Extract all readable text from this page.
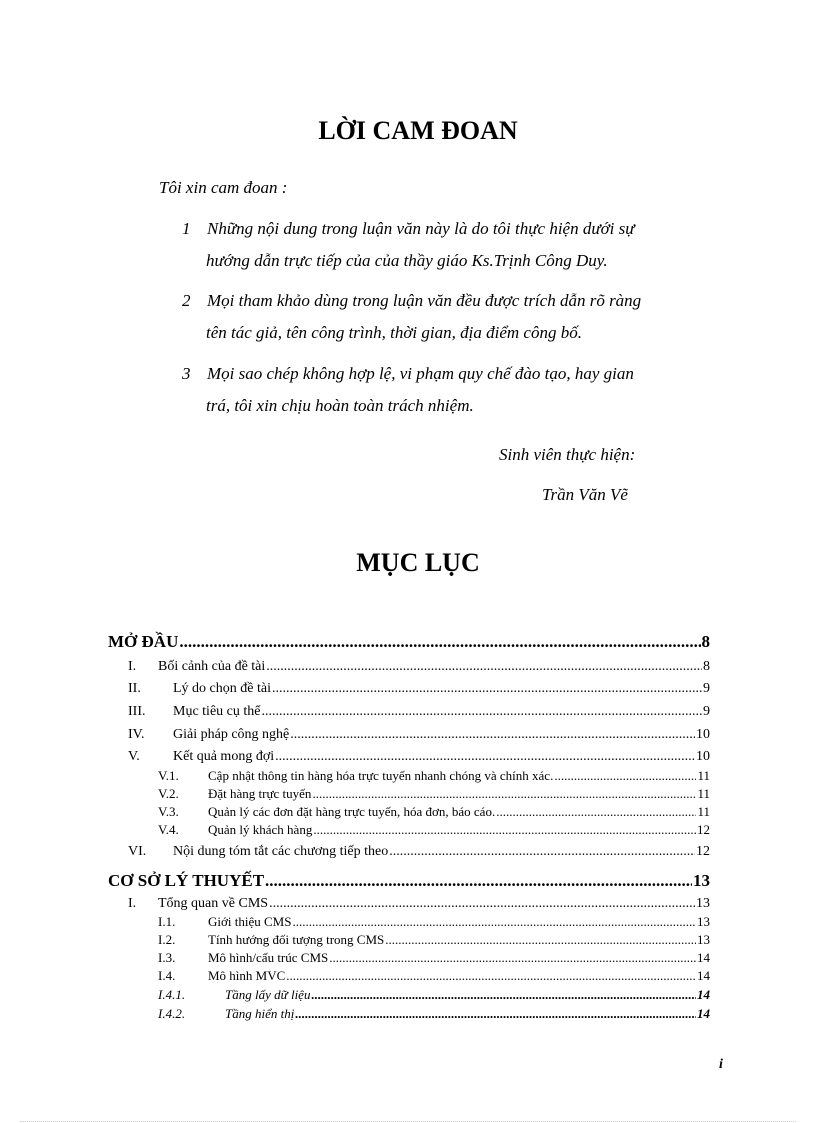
LỜI CAM ĐOAN
Tôi xin cam đoan :
1 Những nội dung trong luận văn này là do tôi thực hiện dưới sự
hướng dẫn trực tiếp của của thầy giáo Ks.Trịnh Công Duy.
2 Mọi tham khảo dùng trong luận văn đều được trích dẫn rõ ràng
tên tác giả, tên công trình, thời gian, địa điểm công bố.
3 Mọi sao chép không hợp lệ, vi phạm quy chế đào tạo, hay gian
trá, tôi xin chịu hoàn toàn trách nhiệm.
Sinh viên thực hiện:
Trần Văn Vẽ
MỤC LỤC
MỞ ĐẦU .....	8
I.	Bối cảnh của đề tài .....	8
II.	Lý do chọn đề tài .....	9
III.	Mục tiêu cụ thể .....	9
IV.	Giải pháp công nghệ .....	10
V.	Kết quả mong đợi .....	10
V.1.	Cập nhật thông tin hàng hóa trực tuyến nhanh chóng và chính xác. .....	11
V.2.	Đặt hàng trực tuyến .....	11
V.3.	Quản lý các đơn đặt hàng trực tuyến, hóa đơn, báo cáo. .....	11
V.4.	Quản lý khách hàng .....	12
VI.	Nội dung tóm tắt các chương tiếp theo .....	12
CƠ SỞ LÝ THUYẾT .....	13
I.	Tổng quan về CMS .....	13
I.1.	Giới thiệu CMS .....	13
I.2.	Tính hướng đối tượng trong CMS .....	13
I.3.	Mô hình/cấu trúc CMS .....	14
I.4.	Mô hình MVC .....	14
I.4.1.	Tầng lấy dữ liệu .....	14
I.4.2.	Tầng hiển thị .....	14
i
